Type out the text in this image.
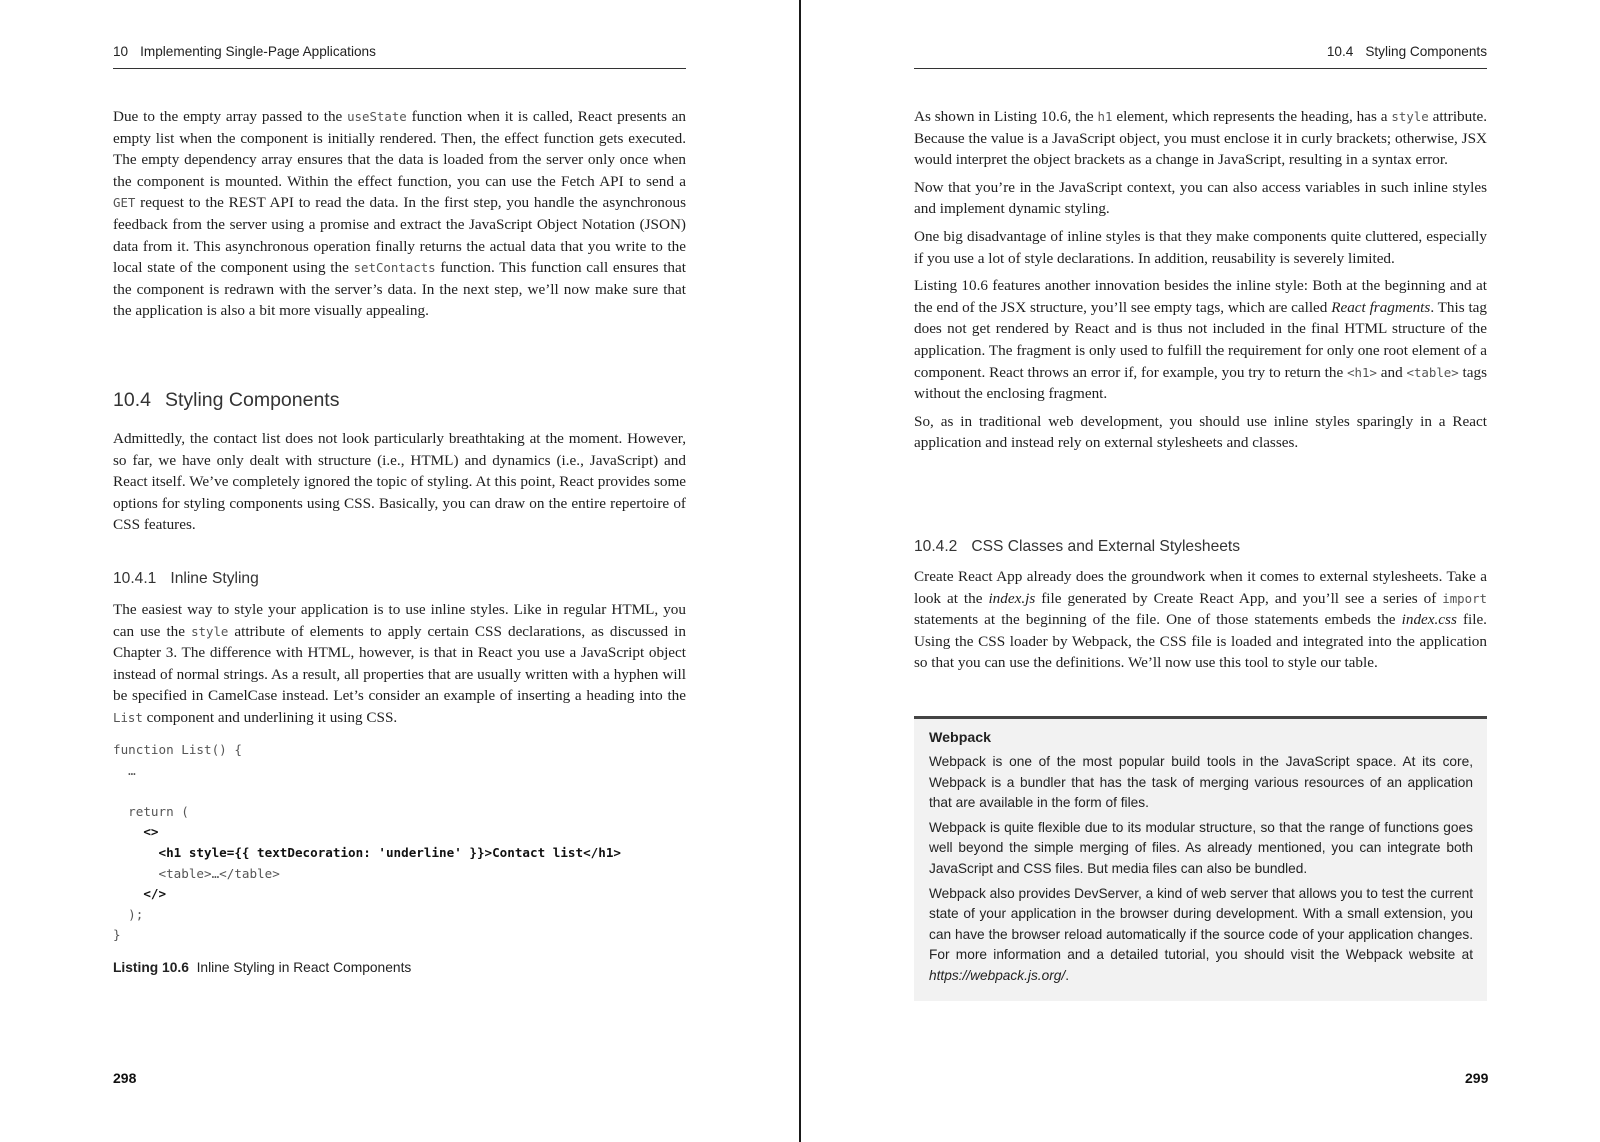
10 Implementing Single-Page Applications

Due to the empty array passed to the useState function when it is called, React presents an empty list when the component is initially rendered. Then, the effect function gets executed. The empty dependency array ensures that the data is loaded from the server only once when the component is mounted. Within the effect function, you can use the Fetch API to send a GET request to the REST API to read the data. In the first step, you handle the asynchronous feedback from the server using a promise and extract the JavaScript Object Notation (JSON) data from it. This asynchronous operation finally returns the actual data that you write to the local state of the component using the setContacts function. This function call ensures that the component is redrawn with the server’s data. In the next step, we’ll now make sure that the application is also a bit more visually appealing.

10.4 Styling Components

Admittedly, the contact list does not look particularly breathtaking at the moment. However, so far, we have only dealt with structure (i.e., HTML) and dynamics (i.e., JavaScript) and React itself. We’ve completely ignored the topic of styling. At this point, React provides some options for styling components using CSS. Basically, you can draw on the entire repertoire of CSS features.

10.4.1 Inline Styling

The easiest way to style your application is to use inline styles. Like in regular HTML, you can use the style attribute of elements to apply certain CSS declarations, as discussed in Chapter 3. The difference with HTML, however, is that in React you use a JavaScript object instead of normal strings. As a result, all properties that are usually written with a hyphen will be specified in CamelCase instead. Let’s consider an example of inserting a heading into the List component and underlining it using CSS.

function List() {
…

return (
<>
<h1 style={{ textDecoration: 'underline' }}>Contact list</h1>
<table>…</table>
</>
);
}
Listing 10.6 Inline Styling in React Components
298
10.4 Styling Components

As shown in Listing 10.6, the h1 element, which represents the heading, has a style attribute. Because the value is a JavaScript object, you must enclose it in curly brackets; otherwise, JSX would interpret the object brackets as a change in JavaScript, resulting in a syntax error.

Now that you’re in the JavaScript context, you can also access variables in such inline styles and implement dynamic styling.

One big disadvantage of inline styles is that they make components quite cluttered, especially if you use a lot of style declarations. In addition, reusability is severely limited.

Listing 10.6 features another innovation besides the inline style: Both at the beginning and at the end of the JSX structure, you’ll see empty tags, which are called React fragments. This tag does not get rendered by React and is thus not included in the final HTML structure of the application. The fragment is only used to fulfill the requirement for only one root element of a component. React throws an error if, for example, you try to return the <h1> and <table> tags without the enclosing fragment.

So, as in traditional web development, you should use inline styles sparingly in a React application and instead rely on external stylesheets and classes.

10.4.2 CSS Classes and External Stylesheets

Create React App already does the groundwork when it comes to external stylesheets. Take a look at the index.js file generated by Create React App, and you’ll see a series of import statements at the beginning of the file. One of those statements embeds the index.css file. Using the CSS loader by Webpack, the CSS file is loaded and integrated into the application so that you can use the definitions. We’ll now use this tool to style our table.

Webpack

Webpack is one of the most popular build tools in the JavaScript space. At its core, Webpack is a bundler that has the task of merging various resources of an application that are available in the form of files.

Webpack is quite flexible due to its modular structure, so that the range of functions goes well beyond the simple merging of files. As already mentioned, you can integrate both JavaScript and CSS files. But media files can also be bundled.

Webpack also provides DevServer, a kind of web server that allows you to test the current state of your application in the browser during development. With a small extension, you can have the browser reload automatically if the source code of your application changes. For more information and a detailed tutorial, you should visit the Webpack website at https://webpack.js.org/.

299
